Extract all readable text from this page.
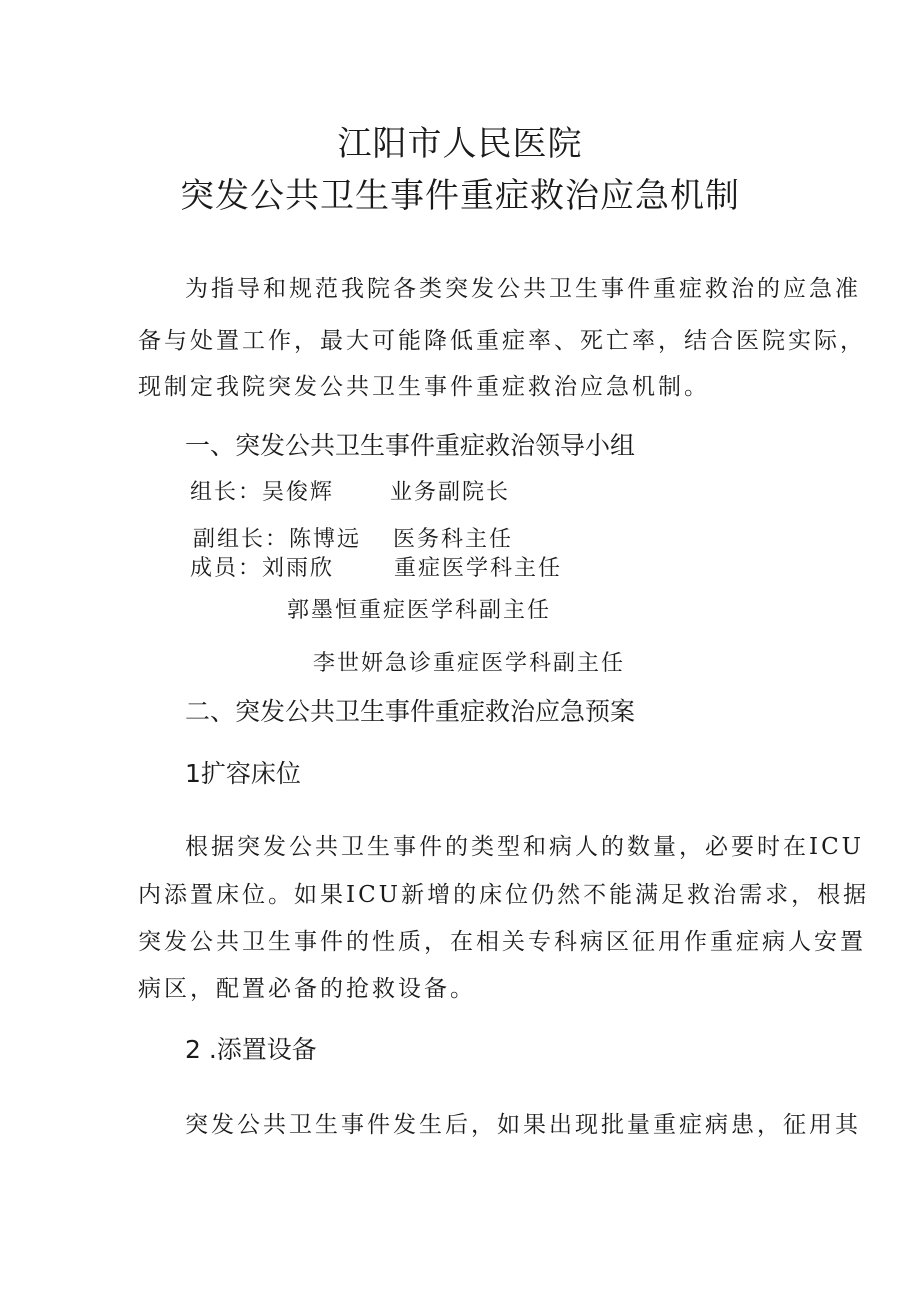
江阳市人民医院
突发公共卫生事件重症救治应急机制
为指导和规范我院各类突发公共卫生事件重症救治的应急准
备与处置工作，最大可能降低重症率、死亡率，结合医院实际，
现制定我院突发公共卫生事件重症救治应急机制。
一、突发公共卫生事件重症救治领导小组
组长：吴俊辉	业务副院长
副组长：陈博远 医务科主任
成员：刘雨欣	重症医学科主任
郭墨恒重症医学科副主任
李世妍急诊重症医学科副主任
二、突发公共卫生事件重症救治应急预案
1扩容床位
根据突发公共卫生事件的类型和病人的数量，必要时在ICU
内添置床位。如果ICU新增的床位仍然不能满足救治需求，根据
突发公共卫生事件的性质，在相关专科病区征用作重症病人安置
病区，配置必备的抢救设备。
2 .添置设备
突发公共卫生事件发生后，如果出现批量重症病患，征用其
